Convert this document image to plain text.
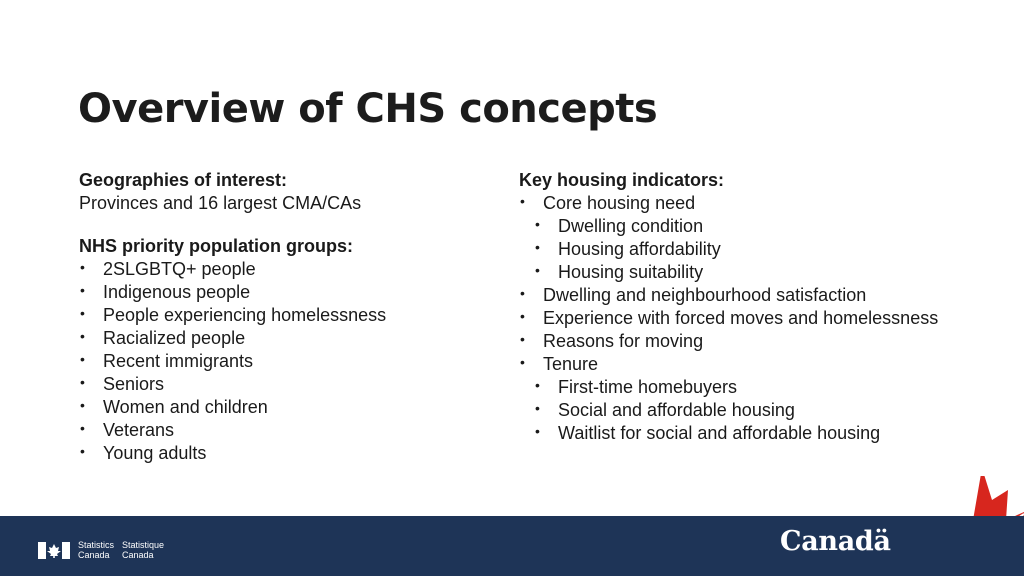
Overview of CHS concepts
Geographies of interest:
Provinces and 16 largest CMA/CAs
NHS priority population groups:
• 2SLGBTQ+ people
• Indigenous people
• People experiencing homelessness
• Racialized people
• Recent immigrants
• Seniors
• Women and children
• Veterans
• Young adults
Key housing indicators:
• Core housing need
• Dwelling condition
• Housing affordability
• Housing suitability
• Dwelling and neighbourhood satisfaction
• Experience with forced moves and homelessness
• Reasons for moving
• Tenure
• First-time homebuyers
• Social and affordable housing
• Waitlist for social and affordable housing
Statistics
Canada
Statistique
Canada	Canadä
